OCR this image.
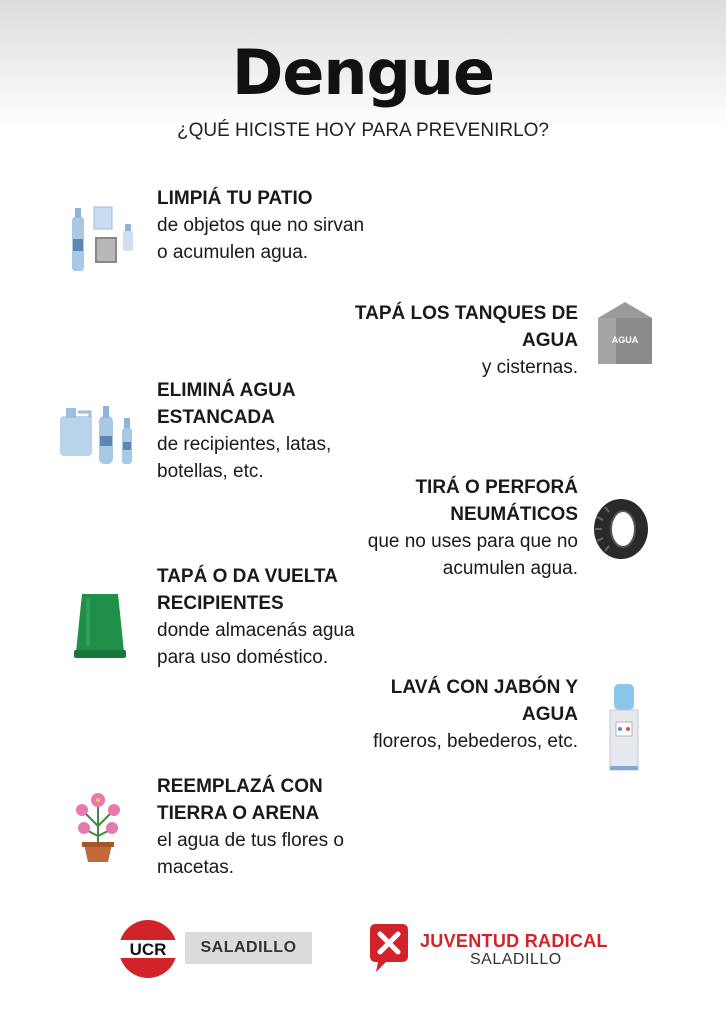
Dengue
¿QUÉ HICISTE HOY PARA PREVENIRLO?
LIMPIÁ TU PATIO
de objetos que no sirvan o acumulen agua.
TAPÁ LOS TANQUES DE AGUA
y cisternas.
AGUA
ELIMINÁ AGUA ESTANCADA
de recipientes, latas, botellas, etc.
TIRÁ O PERFORÁ NEUMÁTICOS
que no uses para que no acumulen agua.
TAPÁ O DA VUELTA RECIPIENTES
donde almacenás agua para uso doméstico.
LAVÁ CON JABÓN Y AGUA
floreros, bebederos, etc.
REEMPLAZÁ CON TIERRA O ARENA
el agua de tus flores o macetas.
UCR	SALADILLO	JUVENTUD RADICAL
SALADILLO
